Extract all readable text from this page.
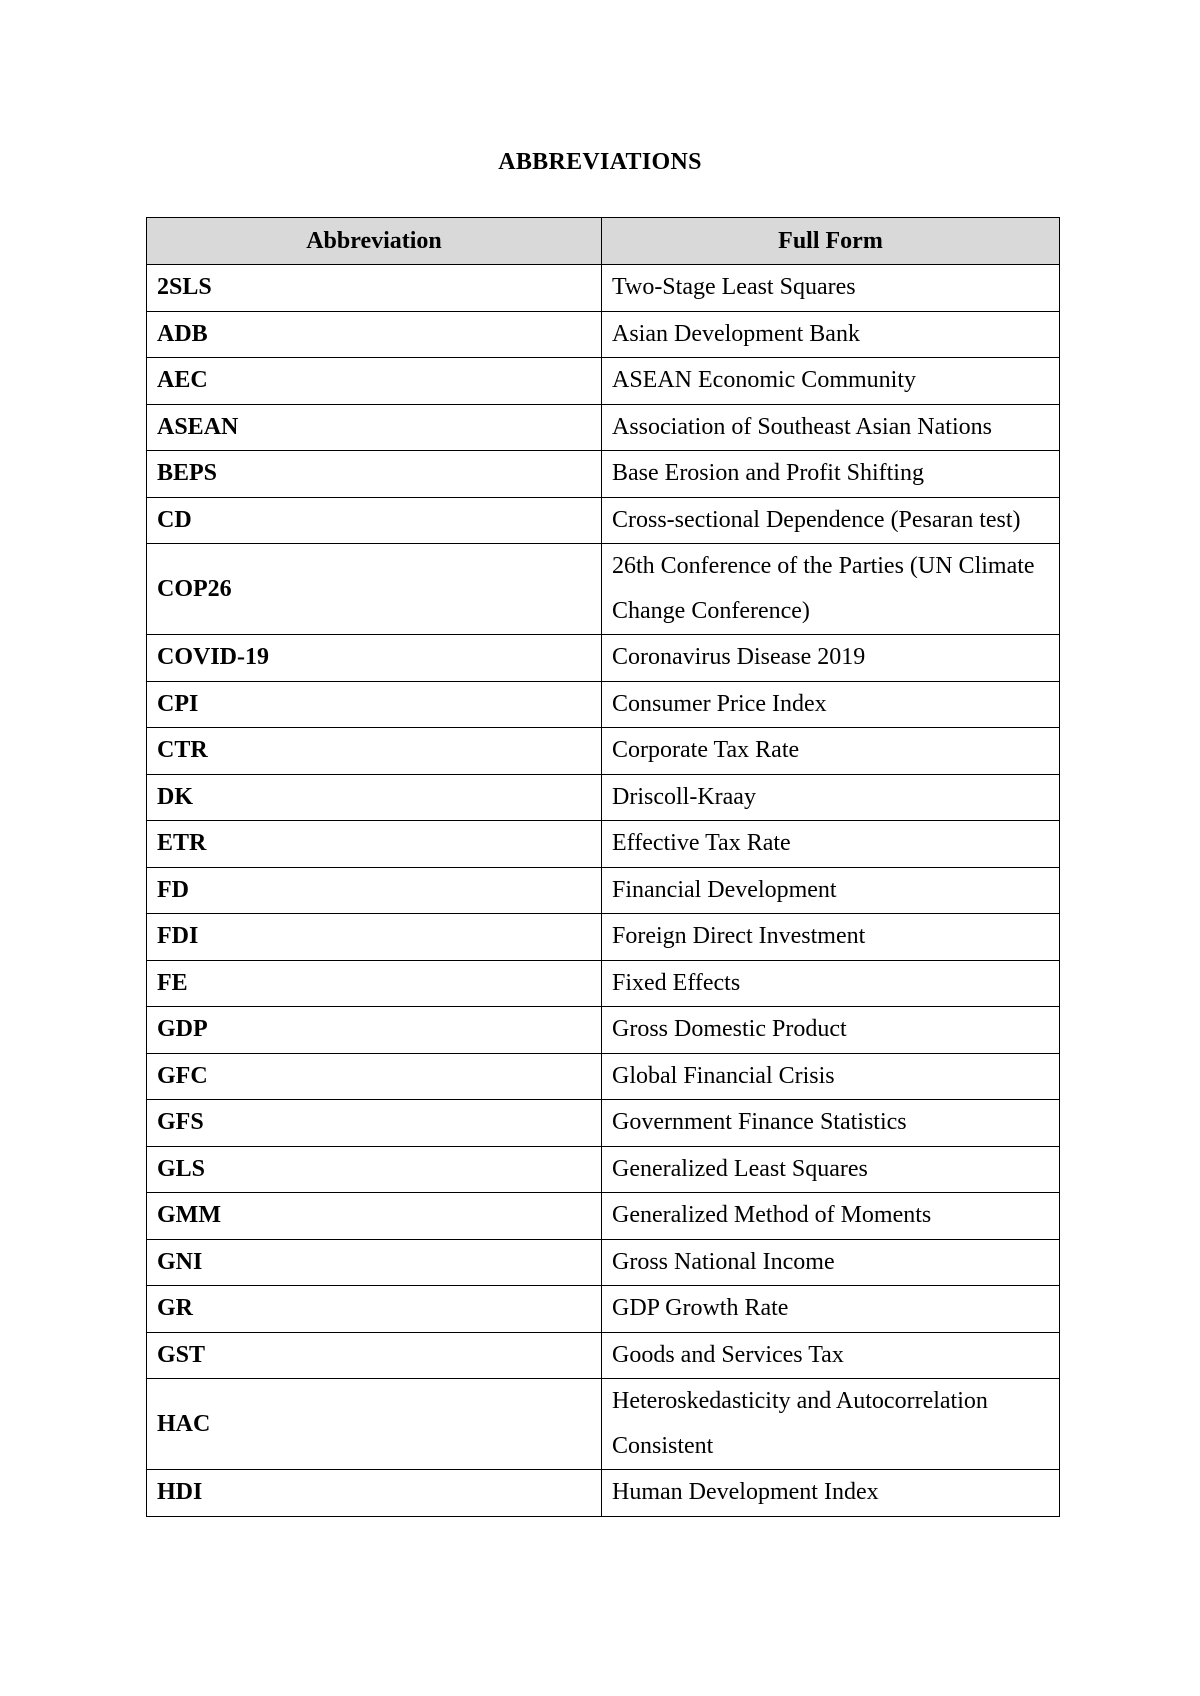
ABBREVIATIONS
Abbreviation	Full Form
2SLS	Two-Stage Least Squares
ADB	Asian Development Bank
AEC	ASEAN Economic Community
ASEAN	Association of Southeast Asian Nations
BEPS	Base Erosion and Profit Shifting
CD	Cross-sectional Dependence (Pesaran test)
COP26	26th Conference of the Parties (UN Climate Change Conference)
COVID-19	Coronavirus Disease 2019
CPI	Consumer Price Index
CTR	Corporate Tax Rate
DK	Driscoll-Kraay
ETR	Effective Tax Rate
FD	Financial Development
FDI	Foreign Direct Investment
FE	Fixed Effects
GDP	Gross Domestic Product
GFC	Global Financial Crisis
GFS	Government Finance Statistics
GLS	Generalized Least Squares
GMM	Generalized Method of Moments
GNI	Gross National Income
GR	GDP Growth Rate
GST	Goods and Services Tax
HAC	Heteroskedasticity and Autocorrelation Consistent
HDI	Human Development Index
